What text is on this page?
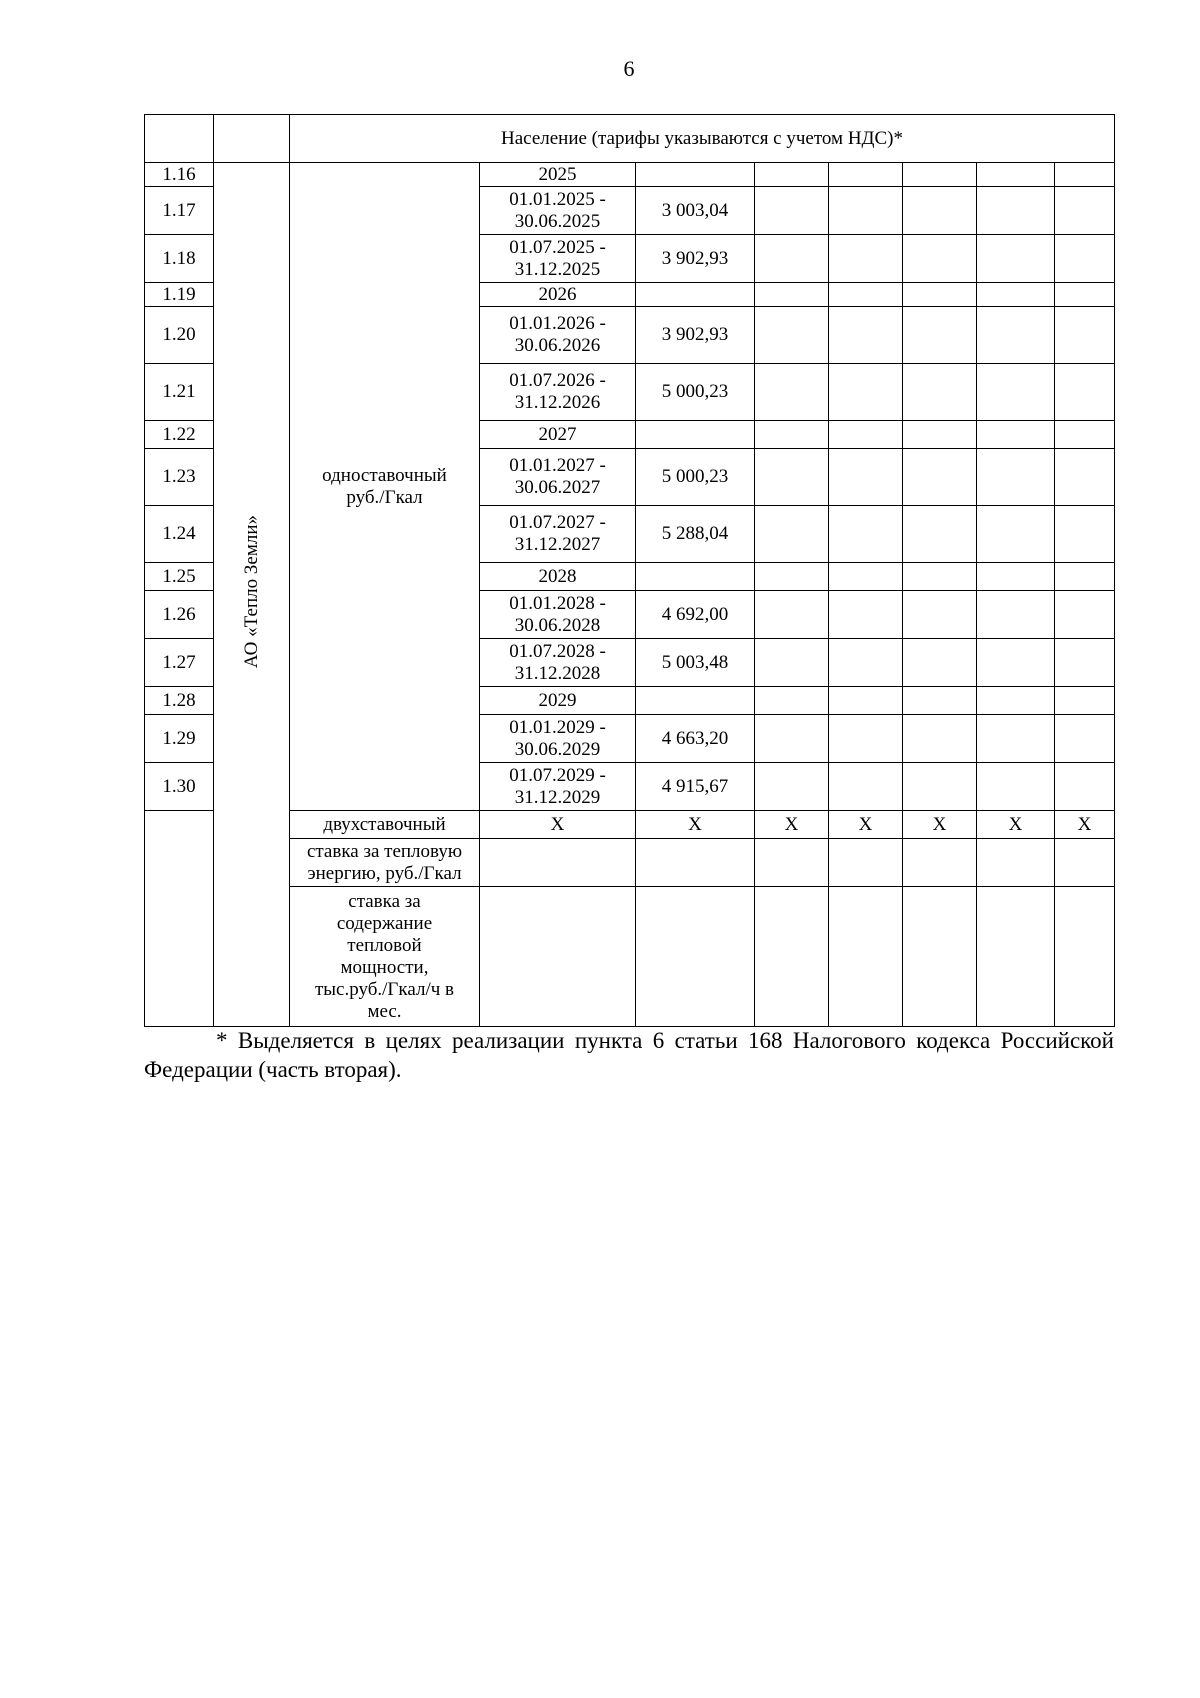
6
		Население (тарифы указываются с учетом НДС)*							
1.16	АО «Тепло Земли»	одноставочный руб./Гкал	2025						
1.17			01.01.2025 - 30.06.2025	3 003,04					
1.18			01.07.2025 - 31.12.2025	3 902,93					
1.19			2026						
1.20			01.01.2026 - 30.06.2026	3 902,93					
1.21			01.07.2026 - 31.12.2026	5 000,23					
1.22			2027						
1.23			01.01.2027 - 30.06.2027	5 000,23					
1.24			01.07.2027 - 31.12.2027	5 288,04					
1.25			2028						
1.26			01.01.2028 - 30.06.2028	4 692,00					
1.27			01.07.2028 - 31.12.2028	5 003,48					
1.28			2029						
1.29			01.01.2029 - 30.06.2029	4 663,20					
1.30			01.07.2029 - 31.12.2029	4 915,67					
		двухставочный	X	X	X	X	X	X	X
		ставка за тепловую энергию, руб./Гкал							
		ставка за содержание тепловой мощности, тыс.руб./Гкал/ч в мес.							
* Выделяется в целях реализации пункта 6 статьи 168 Налогового кодекса Российской Федерации (часть вторая).
